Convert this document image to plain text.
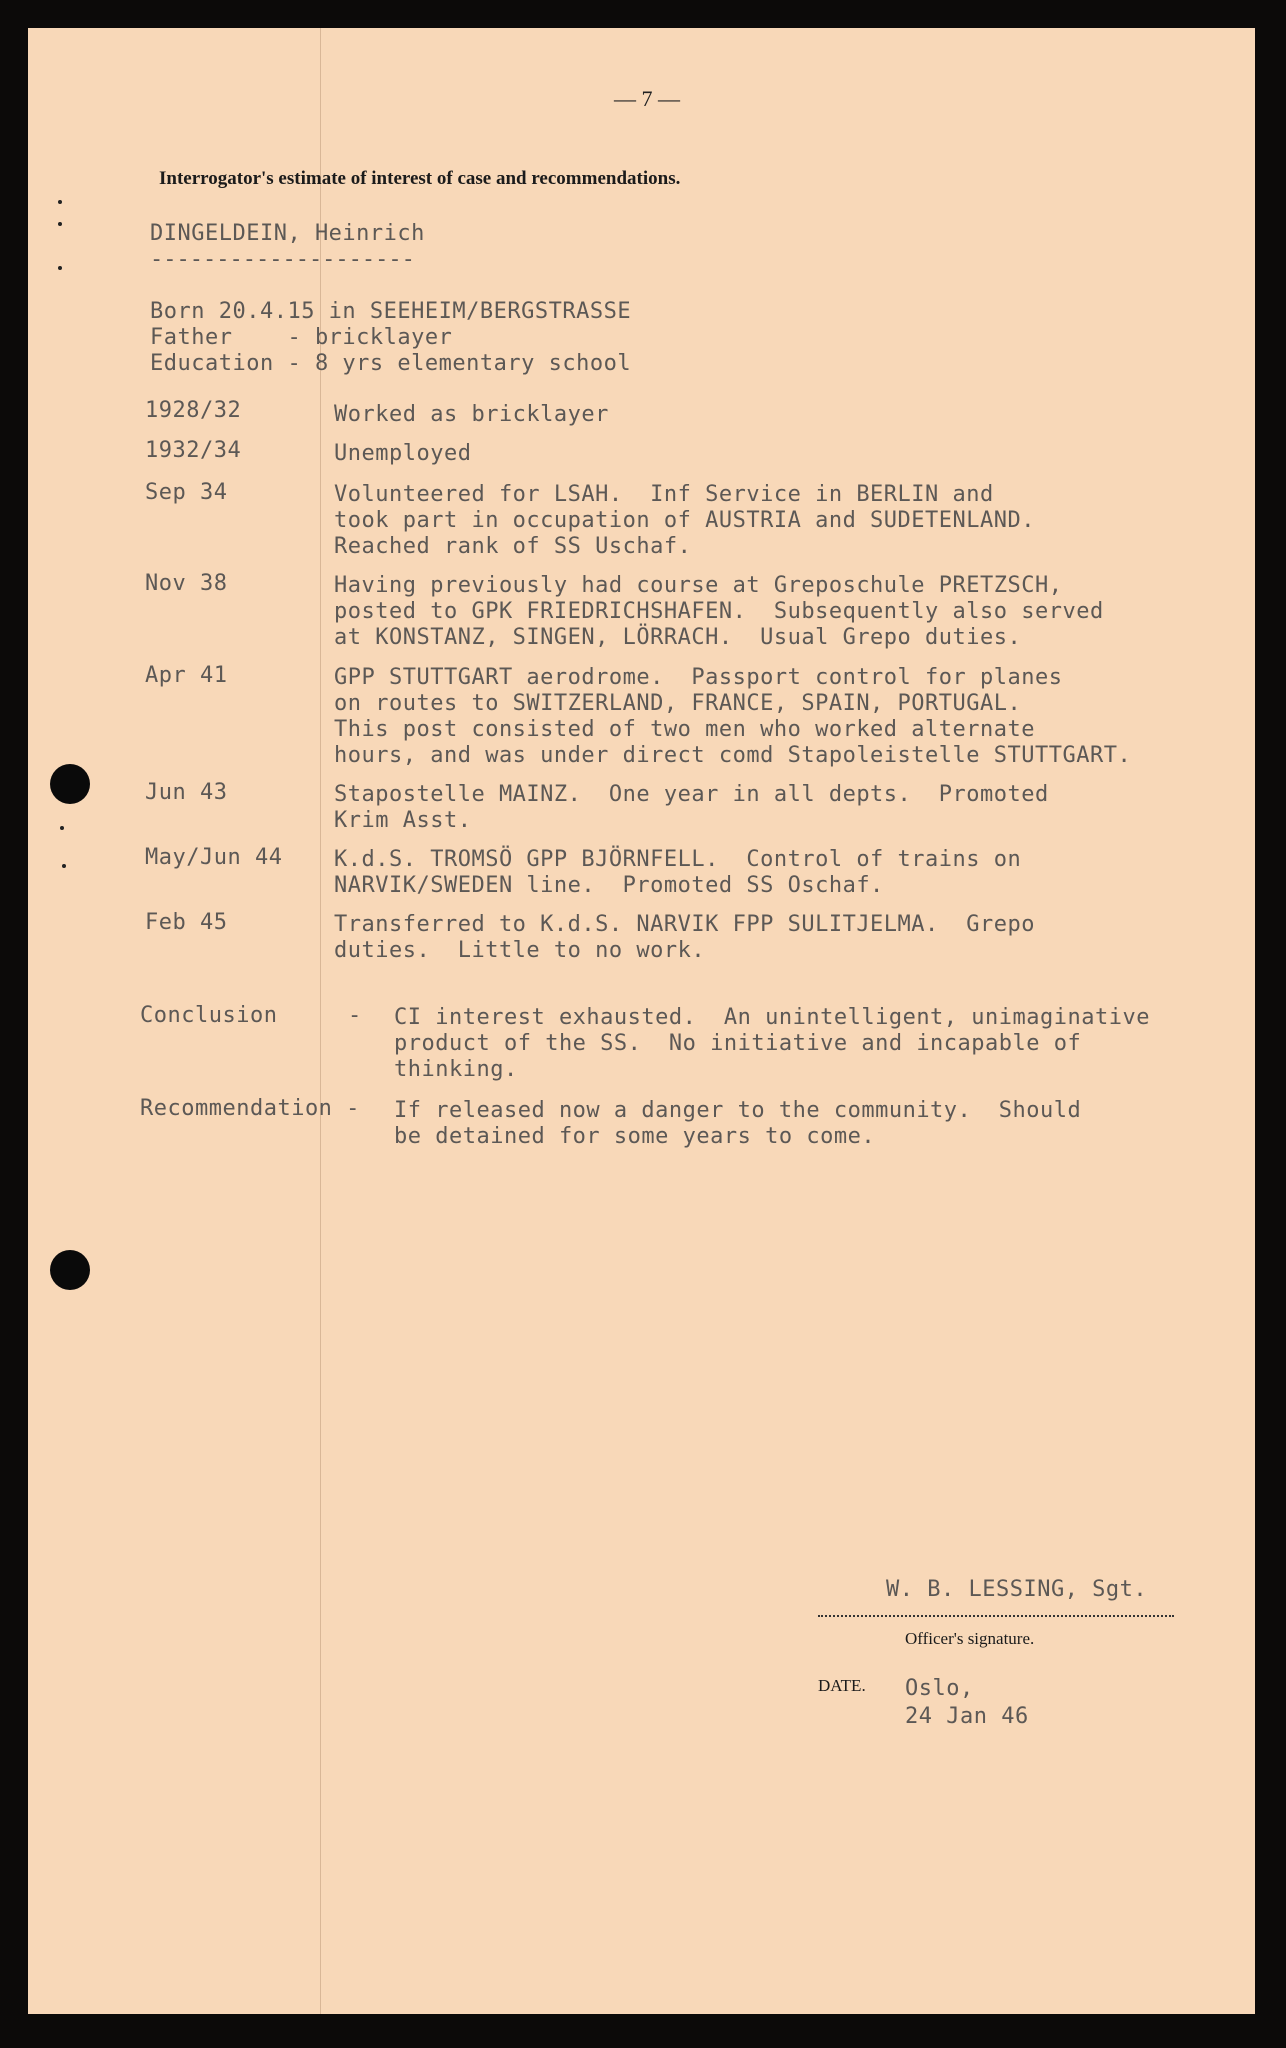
— 7 —
Interrogator's estimate of interest of case and recommendations.
DINGELDEIN, Heinrich
--------------------
Born 20.4.15 in SEEHEIM/BERGSTRASSE
Father    - bricklayer
Education - 8 yrs elementary school
1928/32	Worked as bricklayer
1932/34	Unemployed
Sep 34	Volunteered for LSAH.  Inf Service in BERLIN and
took part in occupation of AUSTRIA and SUDETENLAND.
Reached rank of SS Uschaf.
Nov 38	Having previously had course at Greposchule PRETZSCH,
posted to GPK FRIEDRICHSHAFEN.  Subsequently also served
at KONSTANZ, SINGEN, LÖRRACH.  Usual Grepo duties.
Apr 41	GPP STUTTGART aerodrome.  Passport control for planes
on routes to SWITZERLAND, FRANCE, SPAIN, PORTUGAL.
This post consisted of two men who worked alternate
hours, and was under direct comd Stapoleistelle STUTTGART.
Jun 43	Stapostelle MAINZ.  One year in all depts.  Promoted
Krim Asst.
May/Jun 44 K.d.S. TROMSÖ GPP BJÖRNFELL.  Control of trains on
NARVIK/SWEDEN line.  Promoted SS Oschaf.
Feb 45	Transferred to K.d.S. NARVIK FPP SULITJELMA.  Grepo
duties.  Little to no work.
Conclusion	- CI interest exhausted.  An unintelligent, unimaginative
product of the SS.  No initiative and incapable of
thinking.
Recommendation - If released now a danger to the community.  Should
be detained for some years to come.
W. B. LESSING, Sgt.
Officer's signature.
DATE. Oslo,
24 Jan 46
